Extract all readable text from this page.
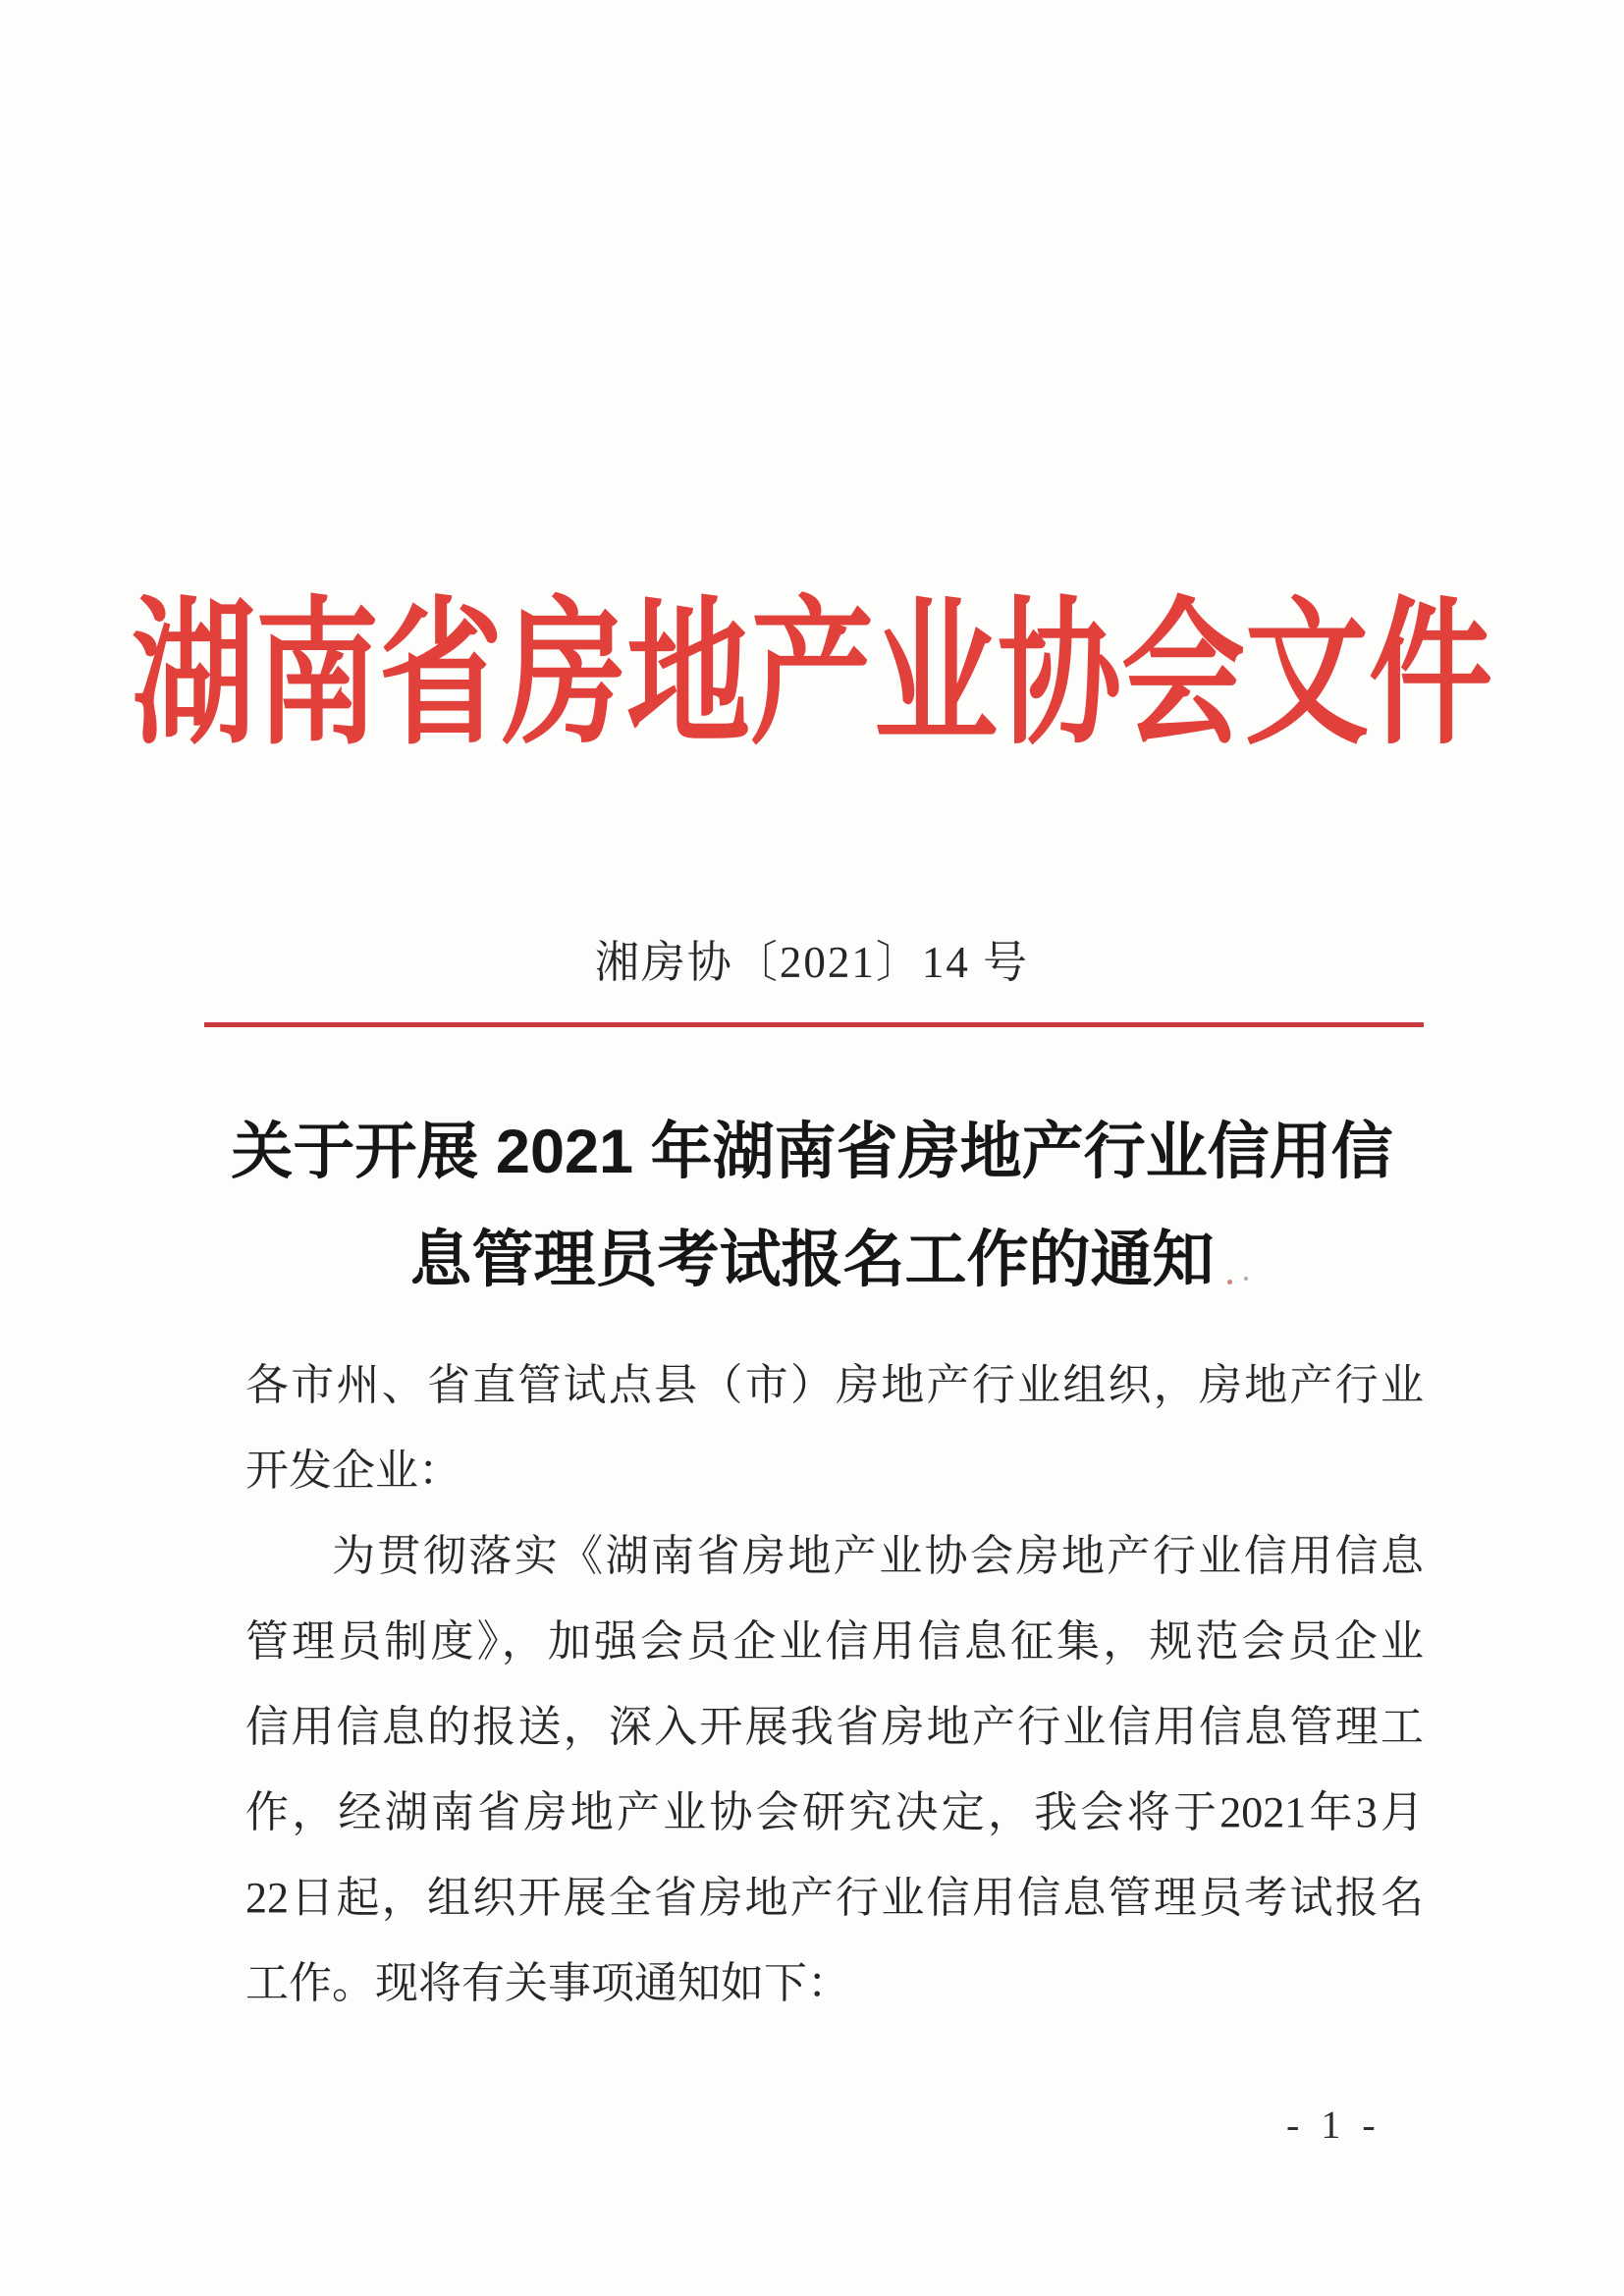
湖南省房地产业协会文件
湘房协〔2021〕14 号
关于开展 2021 年湖南省房地产行业信用信
息管理员考试报名工作的通知
各市州、省直管试点县（市）房地产行业组织，房地产行业
开发企业：
为贯彻落实《湖南省房地产业协会房地产行业信用信息
管理员制度》，加强会员企业信用信息征集，规范会员企业
信用信息的报送，深入开展我省房地产行业信用信息管理工
作，经湖南省房地产业协会研究决定，我会将于2021年3月
22日起，组织开展全省房地产行业信用信息管理员考试报名
工作。现将有关事项通知如下：
- 1 -
